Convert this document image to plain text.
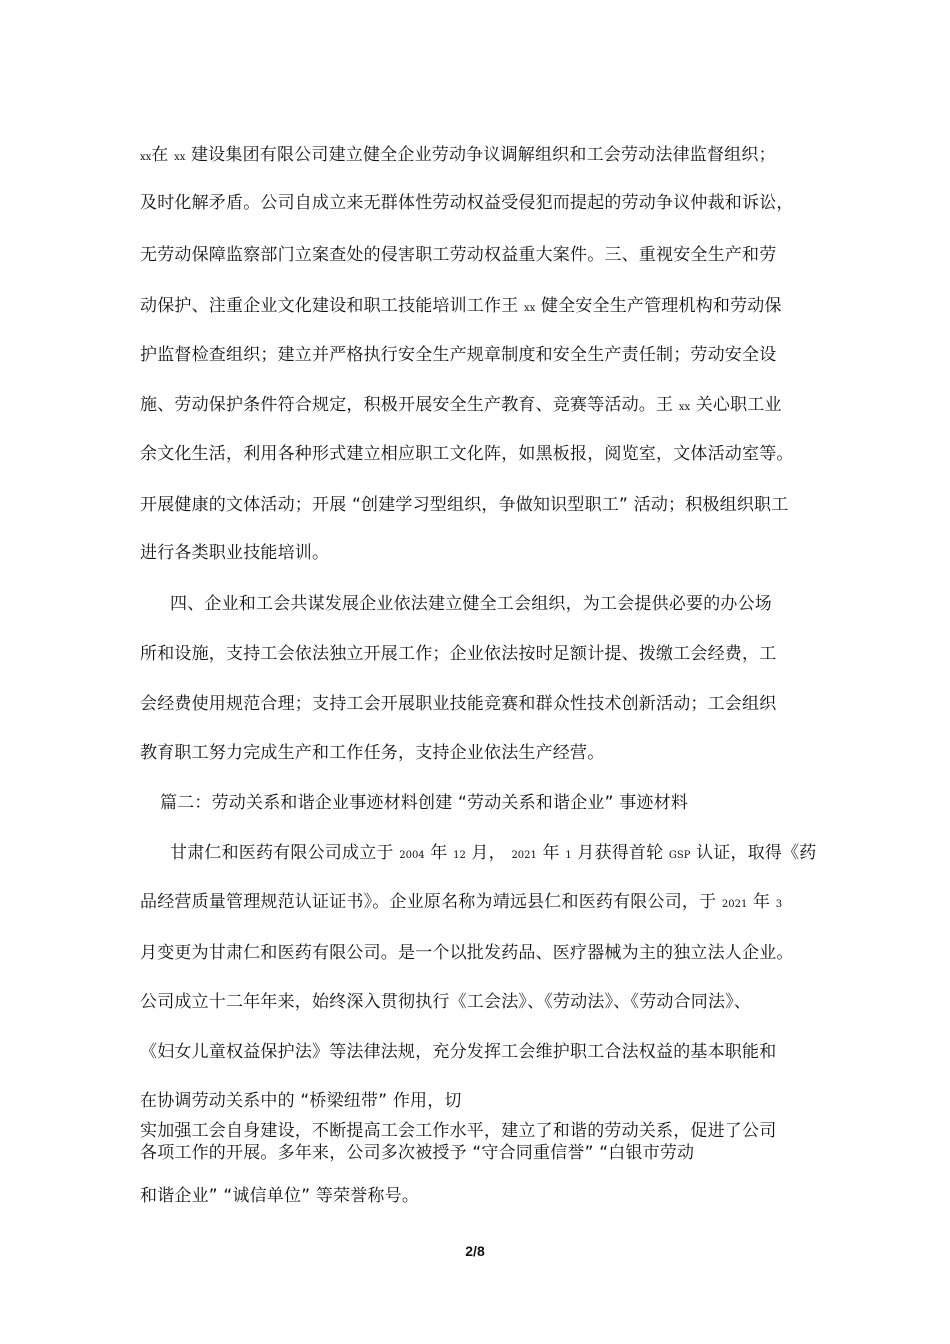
xx在 xx 建设集团有限公司建立健全企业劳动争议调解组织和工会劳动法律监督组织；

及时化解矛盾。公司自成立来无群体性劳动权益受侵犯而提起的劳动争议仲裁和诉讼，

无劳动保障监察部门立案查处的侵害职工劳动权益重大案件。三、重视安全生产和劳

动保护、注重企业文化建设和职工技能培训工作王 xx 健全安全生产管理机构和劳动保

护监督检查组织；建立并严格执行安全生产规章制度和安全生产责任制；劳动安全设

施、劳动保护条件符合规定，积极开展安全生产教育、竞赛等活动。王 xx 关心职工业

余文化生活，利用各种形式建立相应职工文化阵，如黑板报，阅览室，文体活动室等。

开展健康的文体活动；开展 “创建学习型组织，争做知识型职工” 活动；积极组织职工

进行各类职业技能培训。

四、企业和工会共谋发展企业依法建立健全工会组织，为工会提供必要的办公场

所和设施，支持工会依法独立开展工作；企业依法按时足额计提、拨缴工会经费，工

会经费使用规范合理；支持工会开展职业技能竞赛和群众性技术创新活动；工会组织

教育职工努力完成生产和工作任务，支持企业依法生产经营。

篇二：劳动关系和谐企业事迹材料创建 “劳动关系和谐企业” 事迹材料

甘肃仁和医药有限公司成立于 2004 年 12 月， 2021 年 1 月获得首轮 GSP 认证，取得《药

品经营质量管理规范认证证书》。企业原名称为靖远县仁和医药有限公司，于 2021 年 3

月变更为甘肃仁和医药有限公司。是一个以批发药品、医疗器械为主的独立法人企业。

公司成立十二年年来，始终深入贯彻执行《工会法》、《劳动法》、《劳动合同法》、

《妇女儿童权益保护法》等法律法规，充分发挥工会维护职工合法权益的基本职能和

在协调劳动关系中的 “桥梁纽带” 作用，切

实加强工会自身建设，不断提高工会工作水平，建立了和谐的劳动关系，促进了公司

各项工作的开展。多年来，公司多次被授予 “守合同重信誉” “白银市劳动

和谐企业” “诚信单位” 等荣誉称号。

2/8
